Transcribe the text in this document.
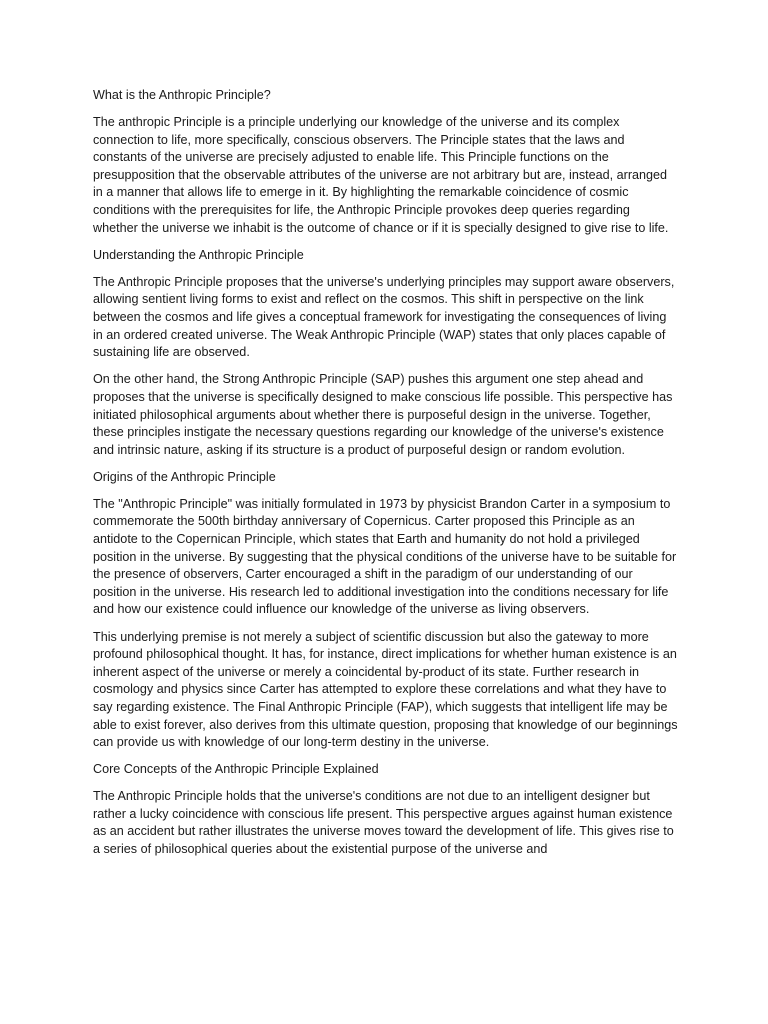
What is the Anthropic Principle?

The anthropic Principle is a principle underlying our knowledge of the universe and its complex connection to life, more specifically, conscious observers. The Principle states that the laws and constants of the universe are precisely adjusted to enable life. This Principle functions on the presupposition that the observable attributes of the universe are not arbitrary but are, instead, arranged in a manner that allows life to emerge in it. By highlighting the remarkable coincidence of cosmic conditions with the prerequisites for life, the Anthropic Principle provokes deep queries regarding whether the universe we inhabit is the outcome of chance or if it is specially designed to give rise to life.

Understanding the Anthropic Principle

The Anthropic Principle proposes that the universe's underlying principles may support aware observers, allowing sentient living forms to exist and reflect on the cosmos. This shift in perspective on the link between the cosmos and life gives a conceptual framework for investigating the consequences of living in an ordered created universe. The Weak Anthropic Principle (WAP) states that only places capable of sustaining life are observed.

On the other hand, the Strong Anthropic Principle (SAP) pushes this argument one step ahead and proposes that the universe is specifically designed to make conscious life possible. This perspective has initiated philosophical arguments about whether there is purposeful design in the universe. Together, these principles instigate the necessary questions regarding our knowledge of the universe's existence and intrinsic nature, asking if its structure is a product of purposeful design or random evolution.

Origins of the Anthropic Principle

The "Anthropic Principle" was initially formulated in 1973 by physicist Brandon Carter in a symposium to commemorate the 500th birthday anniversary of Copernicus. Carter proposed this Principle as an antidote to the Copernican Principle, which states that Earth and humanity do not hold a privileged position in the universe. By suggesting that the physical conditions of the universe have to be suitable for the presence of observers, Carter encouraged a shift in the paradigm of our understanding of our position in the universe. His research led to additional investigation into the conditions necessary for life and how our existence could influence our knowledge of the universe as living observers.

This underlying premise is not merely a subject of scientific discussion but also the gateway to more profound philosophical thought. It has, for instance, direct implications for whether human existence is an inherent aspect of the universe or merely a coincidental by-product of its state. Further research in cosmology and physics since Carter has attempted to explore these correlations and what they have to say regarding existence. The Final Anthropic Principle (FAP), which suggests that intelligent life may be able to exist forever, also derives from this ultimate question, proposing that knowledge of our beginnings can provide us with knowledge of our long-term destiny in the universe.

Core Concepts of the Anthropic Principle Explained

The Anthropic Principle holds that the universe's conditions are not due to an intelligent designer but rather a lucky coincidence with conscious life present. This perspective argues against human existence as an accident but rather illustrates the universe moves toward the development of life. This gives rise to a series of philosophical queries about the existential purpose of the universe and
